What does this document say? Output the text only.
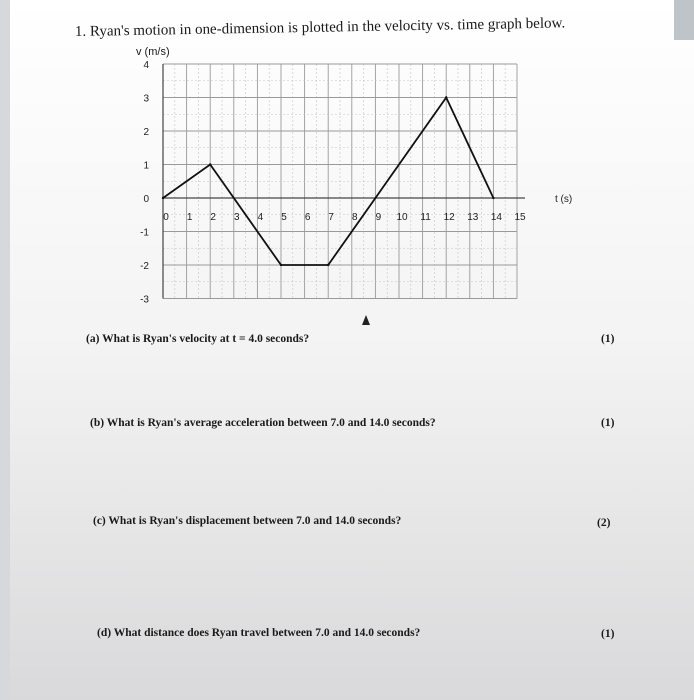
1. Ryan's motion in one-dimension is plotted in the velocity vs. time graph below.
v (m/s)
4
3
2
1
0
-1
-2
-3
0 1 2 3 4 5 6 7 8 9 10 11 12 13 14 15
t (s)
(a) What is Ryan's velocity at t = 4.0 seconds?	(1)
(b) What is Ryan's average acceleration between 7.0 and 14.0 seconds?	(1)
(c) What is Ryan's displacement between 7.0 and 14.0 seconds?	(2)
(d) What distance does Ryan travel between 7.0 and 14.0 seconds?	(1)
